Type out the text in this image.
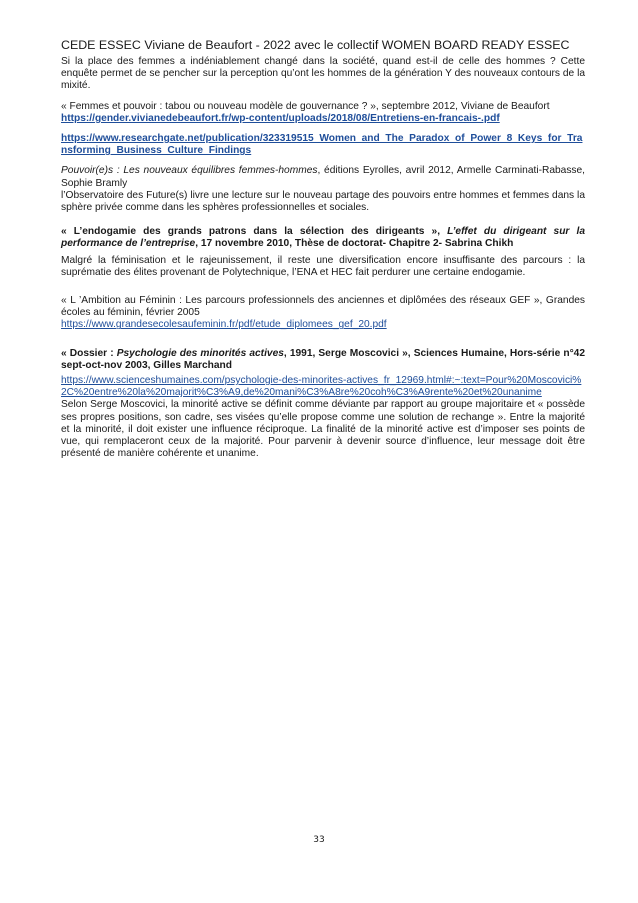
CEDE ESSEC Viviane de Beaufort - 2022 avec le collectif WOMEN BOARD READY ESSEC

Si la place des femmes a indéniablement changé dans la société, quand est-il de celle des hommes ? Cette enquête permet de se pencher sur la perception qu’ont les hommes de la génération Y des nouveaux contours de la mixité.

« Femmes et pouvoir : tabou ou nouveau modèle de gouvernance ? », septembre 2012, Viviane de Beaufort
https://gender.vivianedebeaufort.fr/wp-content/uploads/2018/08/Entretiens-en-francais-.pdf

https://www.researchgate.net/publication/323319515_Women_and_The_Paradox_of_Power_8_Keys_for_Transforming_Business_Culture_Findings

Pouvoir(e)s : Les nouveaux équilibres femmes-hommes, éditions Eyrolles, avril 2012, Armelle Carminati-Rabasse, Sophie Bramly
l’Observatoire des Future(s) livre une lecture sur le nouveau partage des pouvoirs entre hommes et femmes dans la sphère privée comme dans les sphères professionnelles et sociales.

« L’endogamie des grands patrons dans la sélection des dirigeants », L’effet du dirigeant sur la performance de l’entreprise, 17 novembre 2010, Thèse de doctorat- Chapitre 2- Sabrina Chikh

Malgré la féminisation et le rajeunissement, il reste une diversification encore insuffisante des parcours : la suprématie des élites provenant de Polytechnique, l’ENA et HEC fait perdurer une certaine endogamie.

« L ’Ambition au Féminin : Les parcours professionnels des anciennes et diplômées des réseaux GEF », Grandes écoles au féminin, février 2005
https://www.grandesecolesaufeminin.fr/pdf/etude_diplomees_gef_20.pdf

« Dossier : Psychologie des minorités actives, 1991, Serge Moscovici », Sciences Humaine, Hors-série n°42 sept-oct-nov 2003, Gilles Marchand

https://www.scienceshumaines.com/psychologie-des-minorites-actives_fr_12969.html#:~:text=Pour%20Moscovici%2C%20entre%20la%20majorit%C3%A9,de%20mani%C3%A8re%20coh%C3%A9rente%20et%20unanime

Selon Serge Moscovici, la minorité active se définit comme déviante par rapport au groupe majoritaire et « possède ses propres positions, son cadre, ses visées qu’elle propose comme une solution de rechange ». Entre la majorité et la minorité, il doit exister une influence réciproque. La finalité de la minorité active est d’imposer ses points de vue, qui remplaceront ceux de la majorité. Pour parvenir à devenir source d’influence, leur message doit être présenté de manière cohérente et unanime.

33
